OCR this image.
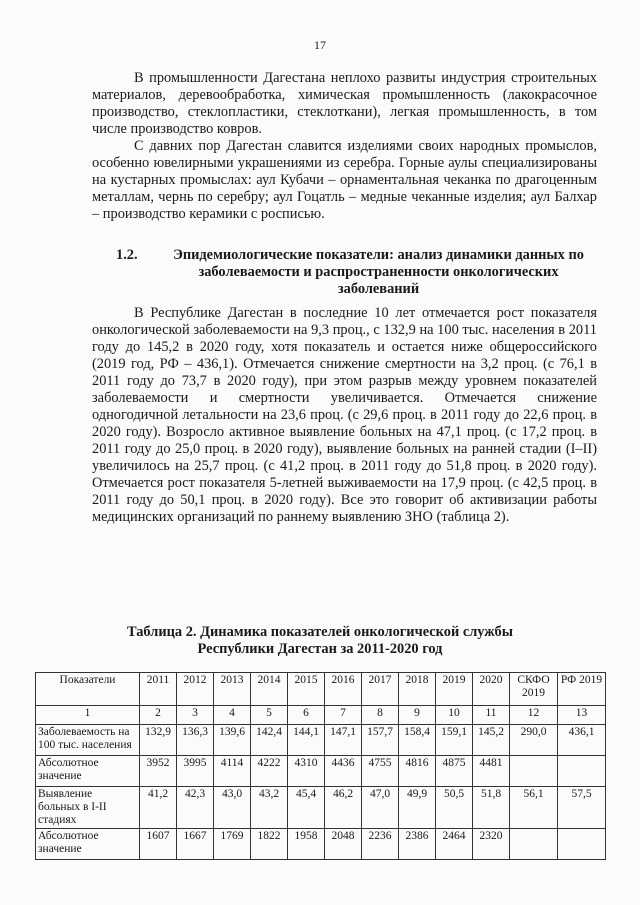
17

В промышленности Дагестана неплохо развиты индустрия строительных материалов, деревообработка, химическая промышленность (лакокрасочное производство, стеклопластики, стеклоткани), легкая промышленность, в том числе производство ковров.

С давних пор Дагестан славится изделиями своих народных промыслов, особенно ювелирными украшениями из серебра. Горные аулы специализированы на кустарных промыслах: аул Кубачи – орнаментальная чеканка по драгоценным металлам, чернь по серебру; аул Гоцатль – медные чеканные изделия; аул Балхар – производство керамики с росписью.

1.2.	Эпидемиологические показатели: анализ динамики данных по заболеваемости и распространенности онкологических заболеваний

В Республике Дагестан в последние 10 лет отмечается рост показателя онкологической заболеваемости на 9,3 проц., с 132,9 на 100 тыс. населения в 2011 году до 145,2 в 2020 году, хотя показатель и остается ниже общероссийского (2019 год, РФ – 436,1). Отмечается снижение смертности на 3,2 проц. (с 76,1 в 2011 году до 73,7 в 2020 году), при этом разрыв между уровнем показателей заболеваемости и смертности увеличивается. Отмечается снижение одногодичной летальности на 23,6 проц. (с 29,6 проц. в 2011 году до 22,6 проц. в 2020 году). Возросло активное выявление больных на 47,1 проц. (с 17,2 проц. в 2011 году до 25,0 проц. в 2020 году), выявление больных на ранней стадии (I–II) увеличилось на 25,7 проц. (с 41,2 проц. в 2011 году до 51,8 проц. в 2020 году). Отмечается рост показателя 5-летней выживаемости на 17,9 проц. (с 42,5 проц. в 2011 году до 50,1 проц. в 2020 году). Все это говорит об активизации работы медицинских организаций по раннему выявлению ЗНО (таблица 2).

Таблица 2. Динамика показателей онкологической службы
Республики Дагестан за 2011-2020 год
Показатели	2011	2012	2013	2014	2015	2016	2017	2018	2019	2020	СКФО 2019	РФ 2019
1	2	3	4	5	6	7	8	9	10	11	12	13
Заболеваемость на 100 тыс. населения	132,9	136,3	139,6	142,4	144,1	147,1	157,7	158,4	159,1	145,2	290,0	436,1
Абсолютное значение	3952	3995	4114	4222	4310	4436	4755	4816	4875	4481		
Выявление больных в I-II стадиях	41,2	42,3	43,0	43,2	45,4	46,2	47,0	49,9	50,5	51,8	56,1	57,5
Абсолютное значение	1607	1667	1769	1822	1958	2048	2236	2386	2464	2320		
